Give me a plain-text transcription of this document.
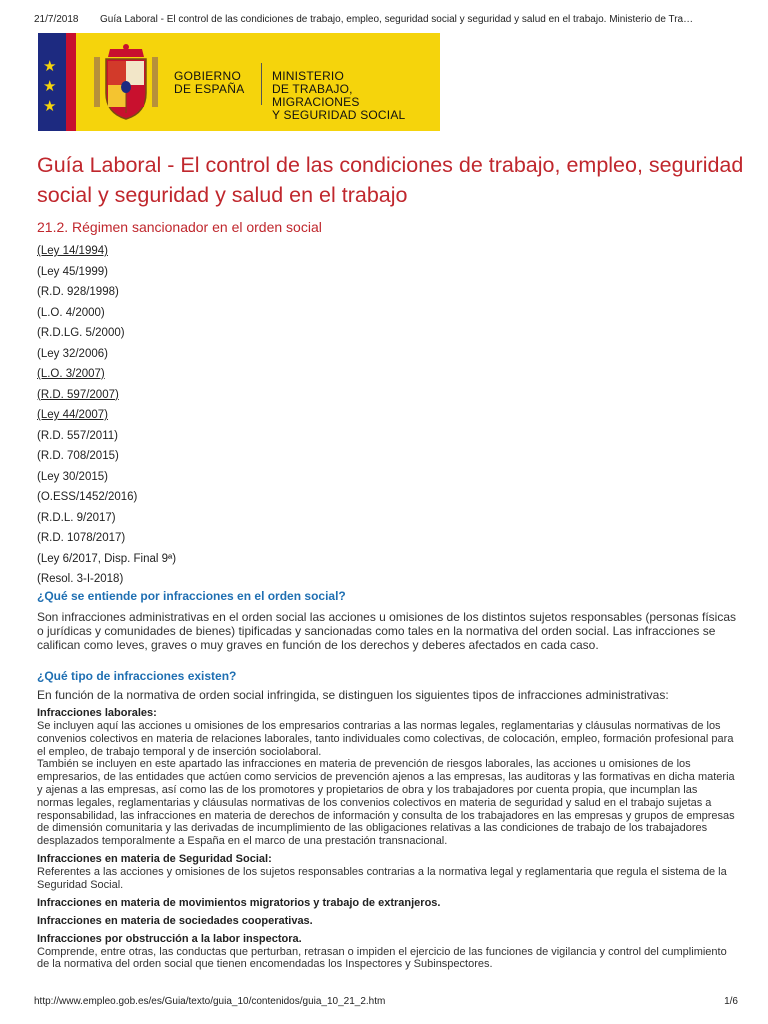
21/7/2018 Guía Laboral - El control de las condiciones de trabajo, empleo, seguridad social y seguridad y salud en el trabajo. Ministerio de Tra…
★
★
★
GOBIERNO
DE ESPAÑA
MINISTERIO
DE TRABAJO, MIGRACIONES
Y SEGURIDAD SOCIAL
Guía Laboral - El control de las condiciones de trabajo, empleo, seguridad social y seguridad y salud en el trabajo
21.2. Régimen sancionador en el orden social
(Ley 14/1994)
(Ley 45/1999)
(R.D. 928/1998)
(L.O. 4/2000)
(R.D.LG. 5/2000)
(Ley 32/2006)
(L.O. 3/2007)
(R.D. 597/2007)
(Ley 44/2007)
(R.D. 557/2011)
(R.D. 708/2015)
(Ley 30/2015)
(O.ESS/1452/2016)
(R.D.L. 9/2017)
(R.D. 1078/2017)
(Ley 6/2017, Disp. Final 9ª)
(Resol. 3-I-2018)
¿Qué se entiende por infracciones en el orden social?
Son infracciones administrativas en el orden social las acciones u omisiones de los distintos sujetos responsables (personas físicas o jurídicas y comunidades de bienes) tipificadas y sancionadas como tales en la normativa del orden social. Las infracciones se califican como leves, graves o muy graves en función de los derechos y deberes afectados en cada caso.
¿Qué tipo de infracciones existen?
En función de la normativa de orden social infringida, se distinguen los siguientes tipos de infracciones administrativas:
Infracciones laborales:
Se incluyen aquí las acciones u omisiones de los empresarios contrarias a las normas legales, reglamentarias y cláusulas normativas de los convenios colectivos en materia de relaciones laborales, tanto individuales como colectivas, de colocación, empleo, formación profesional para el empleo, de trabajo temporal y de inserción sociolaboral.
También se incluyen en este apartado las infracciones en materia de prevención de riesgos laborales, las acciones u omisiones de los empresarios, de las entidades que actúen como servicios de prevención ajenos a las empresas, las auditoras y las formativas en dicha materia y ajenas a las empresas, así como las de los promotores y propietarios de obra y los trabajadores por cuenta propia, que incumplan las normas legales, reglamentarias y cláusulas normativas de los convenios colectivos en materia de seguridad y salud en el trabajo sujetas a responsabilidad, las infracciones en materia de derechos de información y consulta de los trabajadores en las empresas y grupos de empresas de dimensión comunitaria y las derivadas de incumplimiento de las obligaciones relativas a las condiciones de trabajo de los trabajadores desplazados temporalmente a España en el marco de una prestación transnacional.
Infracciones en materia de Seguridad Social:
Referentes a las acciones y omisiones de los sujetos responsables contrarias a la normativa legal y reglamentaria que regula el sistema de la Seguridad Social.
Infracciones en materia de movimientos migratorios y trabajo de extranjeros.
Infracciones en materia de sociedades cooperativas.
Infracciones por obstrucción a la labor inspectora.
Comprende, entre otras, las conductas que perturban, retrasan o impiden el ejercicio de las funciones de vigilancia y control del cumplimiento de la normativa del orden social que tienen encomendadas los Inspectores y Subinspectores.
http://www.empleo.gob.es/es/Guia/texto/guia_10/contenidos/guia_10_21_2.htm	1/6
